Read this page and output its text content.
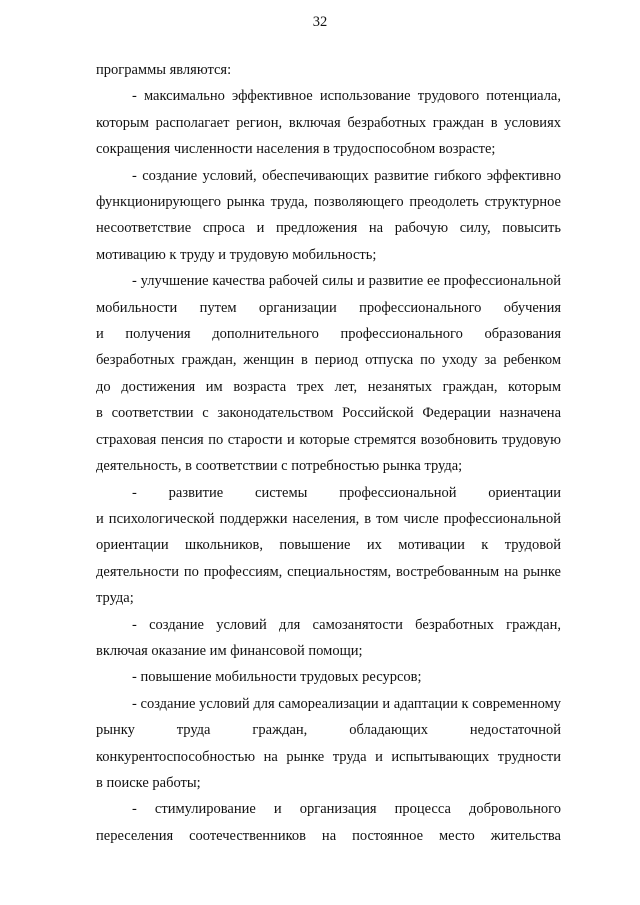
32
программы являются:
- максимально эффективное использование трудового потенциала,
которым располагает регион, включая безработных граждан в условиях
сокращения численности населения в трудоспособном возрасте;
- создание условий, обеспечивающих развитие гибкого эффективно
функционирующего рынка труда, позволяющего преодолеть структурное
несоответствие спроса и предложения на рабочую силу, повысить
мотивацию к труду и трудовую мобильность;
- улучшение качества рабочей силы и развитие ее профессиональной
мобильности путем организации профессионального обучения
и получения дополнительного профессионального образования
безработных граждан, женщин в период отпуска по уходу за ребенком
до достижения им возраста трех лет, незанятых граждан, которым
в соответствии с законодательством Российской Федерации назначена
страховая пенсия по старости и которые стремятся возобновить трудовую
деятельность, в соответствии с потребностью рынка труда;
- развитие системы профессиональной ориентации
и психологической поддержки населения, в том числе профессиональной
ориентации школьников, повышение их мотивации к трудовой
деятельности по профессиям, специальностям, востребованным на рынке
труда;
- создание условий для самозанятости безработных граждан,
включая оказание им финансовой помощи;
- повышение мобильности трудовых ресурсов;
- создание условий для самореализации и адаптации к современному
рынку труда граждан, обладающих недостаточной
конкурентоспособностью на рынке труда и испытывающих трудности
в поиске работы;
- стимулирование и организация процесса добровольного
переселения соотечественников на постоянное место жительства
